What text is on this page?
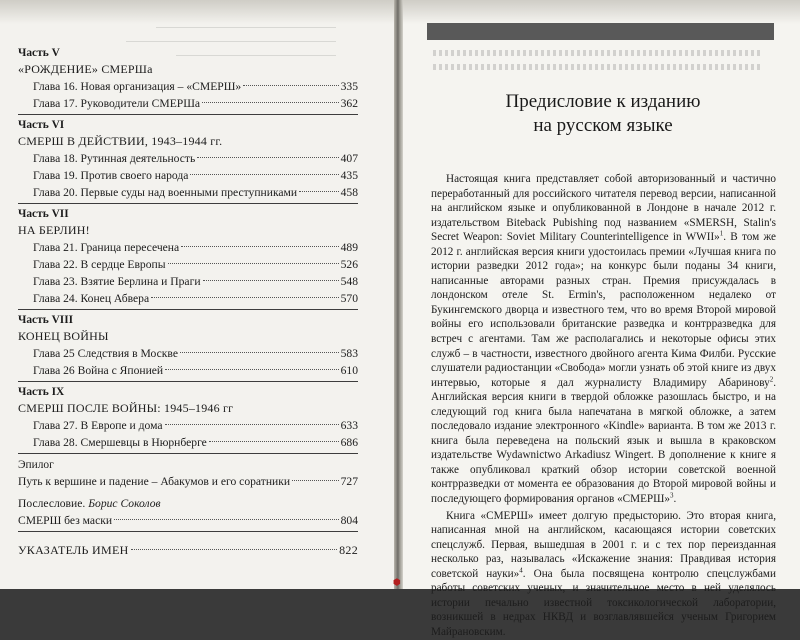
Часть V
«РОЖДЕНИЕ» СМЕРШа
Глава 16. Новая организация – «СМЕРШ»	335
Глава 17. Руководители СМЕРШа	362
Часть VI
СМЕРШ В ДЕЙСТВИИ, 1943–1944 гг.
Глава 18. Рутинная деятельность	407
Глава 19. Против своего народа	435
Глава 20. Первые суды над военными преступниками	458
Часть VII
НА БЕРЛИН!
Глава 21. Граница пересечена	489
Глава 22. В сердце Европы	526
Глава 23. Взятие Берлина и Праги	548
Глава 24. Конец Абвера	570
Часть VIII
КОНЕЦ ВОЙНЫ
Глава 25 Следствия в Москве	583
Глава 26 Война с Японией	610
Часть IX
СМЕРШ ПОСЛЕ ВОЙНЫ: 1945–1946 гг
Глава 27. В Европе и дома	633
Глава 28. Смершевцы в Нюрнберге	686
Эпилог
Путь к вершине и падение – Абакумов и его соратники	727
Послесловие. Борис Соколов
СМЕРШ без маски	804
УКАЗАТЕЛЬ ИМЕН	822
Предисловие к изданию
на русском языке

Настоящая книга представляет собой авторизованный и частично переработанный для российского читателя перевод версии, написанной на английском языке и опубликованной в Лондоне в начале 2012 г. издательством Biteback Pubishing под названием «SMERSH, Stalin's Secret Weapon: Soviet Military Counterintelligence in WWII»$^1$. В том же 2012 г. английская версия книги удостоилась премии «Лучшая книга по истории разведки 2012 года»; на конкурс были поданы 34 книги, написанные авторами разных стран. Премия присуждалась в лондонском отеле St. Ermin's, расположенном недалеко от Букингемского дворца и известного тем, что во время Второй мировой войны его использовали британские разведка и контрразведка для встреч с агентами. Там же располагались и некоторые офисы этих служб – в частности, известного двойного агента Кима Филби. Русские слушатели радиостанции «Свобода» могли узнать об этой книге из двух интервью, которые я дал журналисту Владимиру Абаринову$^2$. Английская версия книги в твердой обложке разошлась быстро, и на следующий год книга была напечатана в мягкой обложке, а затем последовало издание электронного «Kindle» варианта. В том же 2013 г. книга была переведена на польский язык и вышла в краковском издательстве Wydawnictwo Arkadiusz Wingert. В дополнение к книге я также опубликовал краткий обзор истории советской военной контрразведки от момента ее образования до Второй мировой войны и последующего формирования органов «СМЕРШ»$^3$.

Книга «СМЕРШ» имеет долгую предысторию. Это вторая книга, написанная мной на английском, касающаяся истории советских спецслужб. Первая, вышедшая в 2001 г. и с тех пор переизданная несколько раз, называлась «Искажение знания: Правдивая история советской науки»$^4$. Она была посвящена контролю спецслужбами работы советских ученых, и значительное место в ней уделялось истории печально известной токсикологической лаборатории, возникшей в недрах НКВД и возглавлявшейся ученым Григорием Майрановским.

⬢
